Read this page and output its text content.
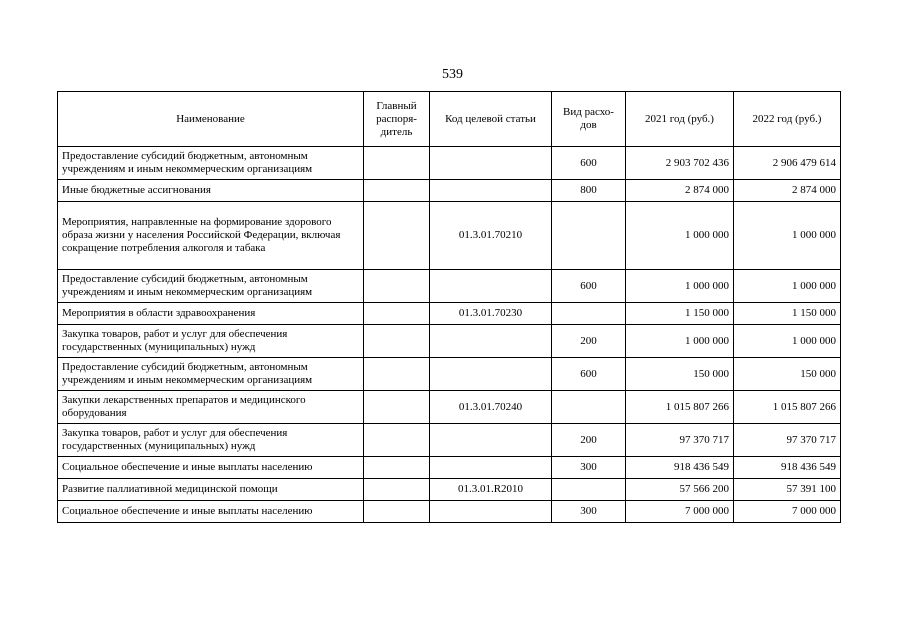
539
Наименование	Главный распоря-дитель	Код целевой статьи	Вид расхо-дов	2021 год (руб.)	2022 год (руб.)
Предоставление субсидий бюджетным, автономным учреждениям и иным некоммерческим организациям			600	2 903 702 436	2 906 479 614
Иные бюджетные ассигнования			800	2 874 000	2 874 000
Мероприятия, направленные на формирование здорового образа жизни у населения Российской Федерации, включая сокращение потребления алкоголя и табака		01.3.01.70210		1 000 000	1 000 000
Предоставление субсидий бюджетным, автономным учреждениям и иным некоммерческим организациям			600	1 000 000	1 000 000
Мероприятия в области здравоохранения		01.3.01.70230		1 150 000	1 150 000
Закупка товаров, работ и услуг для обеспечения государственных (муниципальных) нужд			200	1 000 000	1 000 000
Предоставление субсидий бюджетным, автономным учреждениям и иным некоммерческим организациям			600	150 000	150 000
Закупки лекарственных препаратов и медицинского оборудования		01.3.01.70240		1 015 807 266	1 015 807 266
Закупка товаров, работ и услуг для обеспечения государственных (муниципальных) нужд			200	97 370 717	97 370 717
Социальное обеспечение и иные выплаты населению			300	918 436 549	918 436 549
Развитие паллиативной медицинской помощи		01.3.01.R2010		57 566 200	57 391 100
Социальное обеспечение и иные выплаты населению			300	7 000 000	7 000 000
